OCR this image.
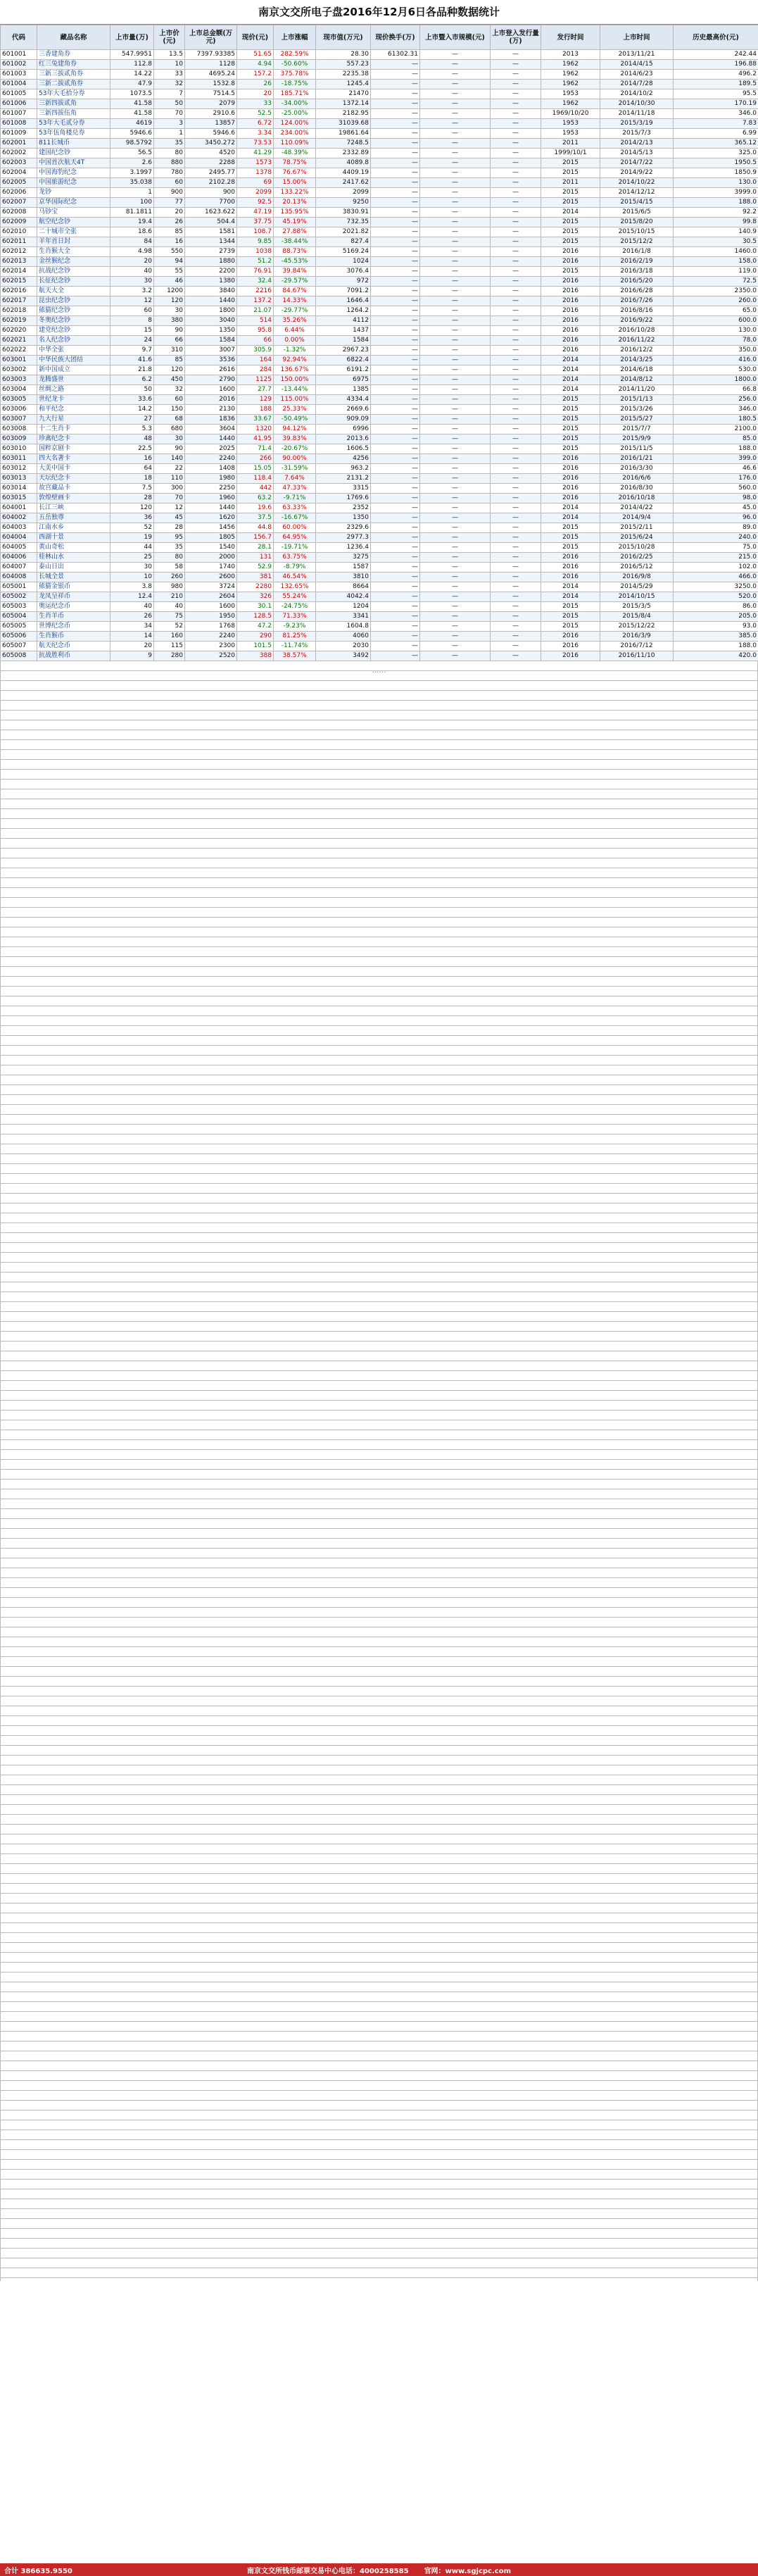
南京文交所电子盘2016年12月6日各品种数据统计
代码	藏品名称	上市量(万)	上市价(元)	上市总金额(万元)	现价(元)	上市涨幅	现市值(万元)	现价换手(万)	上市暨入市规模(元)	上市登入发行量(万)	发行时间	上市时间	历史最高价(元)
601001	三香建角券	547.9951	13.5	7397.93385	51.65	282.59%	28.30	61302.31	—	—	2013	2013/11/21	242.44
601002	红三兔建角券	112.8	10	1128	4.94	-50.60%	557.23	—	—	—	1962	2014/4/15	196.88
601003	三新三拔贰角券	14.22	33	4695.24	157.2	375.78%	2235.38	—	—	—	1962	2014/6/23	496.2
601004	三新二拔贰角券	47.9	32	1532.8	26	-18.75%	1245.4	—	—	—	1962	2014/7/28	189.5
601005	53年大毛拾分券	1073.5	7	7514.5	20	185.71%	21470	—	—	—	1953	2014/10/2	95.5
601006	三新四拔贰角	41.58	50	2079	33	-34.00%	1372.14	—	—	—	1962	2014/10/30	170.19
601007	三新四拔伍角	41.58	70	2910.6	52.5	-25.00%	2182.95	—	—	—	1969/10/20	2014/11/18	346.0
601008	53年大毛贰分券	4619	3	13857	6.72	124.00%	31039.68	—	—	—	1953	2015/3/19	7.83
601009	53年伍角楼兑券	5946.6	1	5946.6	3.34	234.00%	19861.64	—	—	—	1953	2015/7/3	6.99
602001	811长城币	98.5792	35	3450.272	73.53	110.09%	7248.5	—	—	—	2011	2014/2/13	365.12
602002	建国纪念钞	56.5	80	4520	41.29	-48.39%	2332.89	—	—	—	1999/10/1	2014/5/13	325.0
602003	中国首次航天4T	2.6	880	2288	1573	78.75%	4089.8	—	—	—	2015	2014/7/22	1950.5
602004	中国海豹纪念	3.1997	780	2495.77	1378	76.67%	4409.19	—	—	—	2015	2014/9/22	1850.9
602005	中国旅游纪念	35.038	60	2102.28	69	15.00%	2417.62	—	—	—	2011	2014/10/22	130.0
602006	龙钞	1	900	900	2099	133.22%	2099	—	—	—	2015	2014/12/12	3999.0
602007	京华国际纪念	100	77	7700	92.5	20.13%	9250	—	—	—	2015	2015/4/15	188.0
602008	马钞宝	81.1811	20	1623.622	47.19	135.95%	3830.91	—	—	—	2014	2015/6/5	92.2
602009	航空纪念钞	19.4	26	504.4	37.75	45.19%	732.35	—	—	—	2015	2015/8/20	99.8
602010	二十城市全张	18.6	85	1581	108.7	27.88%	2021.82	—	—	—	2015	2015/10/15	140.9
602011	羊年首日封	84	16	1344	9.85	-38.44%	827.4	—	—	—	2015	2015/12/2	30.5
602012	生肖猴大全	4.98	550	2739	1038	88.73%	5169.24	—	—	—	2016	2016/1/8	1460.0
602013	金丝猴纪念	20	94	1880	51.2	-45.53%	1024	—	—	—	2016	2016/2/19	158.0
602014	抗战纪念钞	40	55	2200	76.91	39.84%	3076.4	—	—	—	2015	2016/3/18	119.0
602015	长征纪念钞	30	46	1380	32.4	-29.57%	972	—	—	—	2016	2016/5/20	72.5
602016	航天大全	3.2	1200	3840	2216	84.67%	7091.2	—	—	—	2016	2016/6/28	2350.0
602017	昆虫纪念钞	12	120	1440	137.2	14.33%	1646.4	—	—	—	2016	2016/7/26	260.0
602018	熊猫纪念钞	60	30	1800	21.07	-29.77%	1264.2	—	—	—	2016	2016/8/16	65.0
602019	冬奥纪念钞	8	380	3040	514	35.26%	4112	—	—	—	2016	2016/9/22	600.0
602020	建党纪念钞	15	90	1350	95.8	6.44%	1437	—	—	—	2016	2016/10/28	130.0
602021	名人纪念钞	24	66	1584	66	0.00%	1584	—	—	—	2016	2016/11/22	78.0
602022	中华全张	9.7	310	3007	305.9	-1.32%	2967.23	—	—	—	2016	2016/12/2	350.0
603001	中华民族大团结	41.6	85	3536	164	92.94%	6822.4	—	—	—	2014	2014/3/25	416.0
603002	新中国成立	21.8	120	2616	284	136.67%	6191.2	—	—	—	2014	2014/6/18	530.0
603003	龙腾盛世	6.2	450	2790	1125	150.00%	6975	—	—	—	2014	2014/8/12	1800.0
603004	丝绸之路	50	32	1600	27.7	-13.44%	1385	—	—	—	2014	2014/11/20	66.8
603005	世纪龙卡	33.6	60	2016	129	115.00%	4334.4	—	—	—	2015	2015/1/13	256.0
603006	和平纪念	14.2	150	2130	188	25.33%	2669.6	—	—	—	2015	2015/3/26	346.0
603007	九大行星	27	68	1836	33.67	-50.49%	909.09	—	—	—	2015	2015/5/27	180.5
603008	十二生肖卡	5.3	680	3604	1320	94.12%	6996	—	—	—	2015	2015/7/7	2100.0
603009	珍禽纪念卡	48	30	1440	41.95	39.83%	2013.6	—	—	—	2015	2015/9/9	85.0
603010	国粹京剧卡	22.5	90	2025	71.4	-20.67%	1606.5	—	—	—	2015	2015/11/5	188.0
603011	四大名著卡	16	140	2240	266	90.00%	4256	—	—	—	2016	2016/1/21	399.0
603012	大美中国卡	64	22	1408	15.05	-31.59%	963.2	—	—	—	2016	2016/3/30	46.6
603013	天坛纪念卡	18	110	1980	118.4	7.64%	2131.2	—	—	—	2016	2016/6/6	176.0
603014	故宫藏品卡	7.5	300	2250	442	47.33%	3315	—	—	—	2016	2016/8/30	560.0
603015	敦煌壁画卡	28	70	1960	63.2	-9.71%	1769.6	—	—	—	2016	2016/10/18	98.0
604001	长江三峡	120	12	1440	19.6	63.33%	2352	—	—	—	2014	2014/4/22	45.0
604002	五岳独尊	36	45	1620	37.5	-16.67%	1350	—	—	—	2014	2014/9/4	96.0
604003	江南水乡	52	28	1456	44.8	60.00%	2329.6	—	—	—	2015	2015/2/11	89.0
604004	西湖十景	19	95	1805	156.7	64.95%	2977.3	—	—	—	2015	2015/6/24	240.0
604005	黄山奇松	44	35	1540	28.1	-19.71%	1236.4	—	—	—	2015	2015/10/28	75.0
604006	桂林山水	25	80	2000	131	63.75%	3275	—	—	—	2016	2016/2/25	215.0
604007	泰山日出	30	58	1740	52.9	-8.79%	1587	—	—	—	2016	2016/5/12	102.0
604008	长城全景	10	260	2600	381	46.54%	3810	—	—	—	2016	2016/9/8	466.0
605001	熊猫金银币	3.8	980	3724	2280	132.65%	8664	—	—	—	2014	2014/5/29	3250.0
605002	龙凤呈祥币	12.4	210	2604	326	55.24%	4042.4	—	—	—	2014	2014/10/15	520.0
605003	奥运纪念币	40	40	1600	30.1	-24.75%	1204	—	—	—	2015	2015/3/5	86.0
605004	生肖羊币	26	75	1950	128.5	71.33%	3341	—	—	—	2015	2015/8/4	205.0
605005	世博纪念币	34	52	1768	47.2	-9.23%	1604.8	—	—	—	2015	2015/12/22	93.0
605006	生肖猴币	14	160	2240	290	81.25%	4060	—	—	—	2016	2016/3/9	385.0
605007	航天纪念币	20	115	2300	101.5	-11.74%	2030	—	—	—	2016	2016/7/12	188.0
605008	抗战胜利币	9	280	2520	388	38.57%	3492	—	—	—	2016	2016/11/10	420.0
……
合计 386635.9550	南京文交所钱币邮票交易中心电话：4000258585 官网：www.sgjcpc.com
